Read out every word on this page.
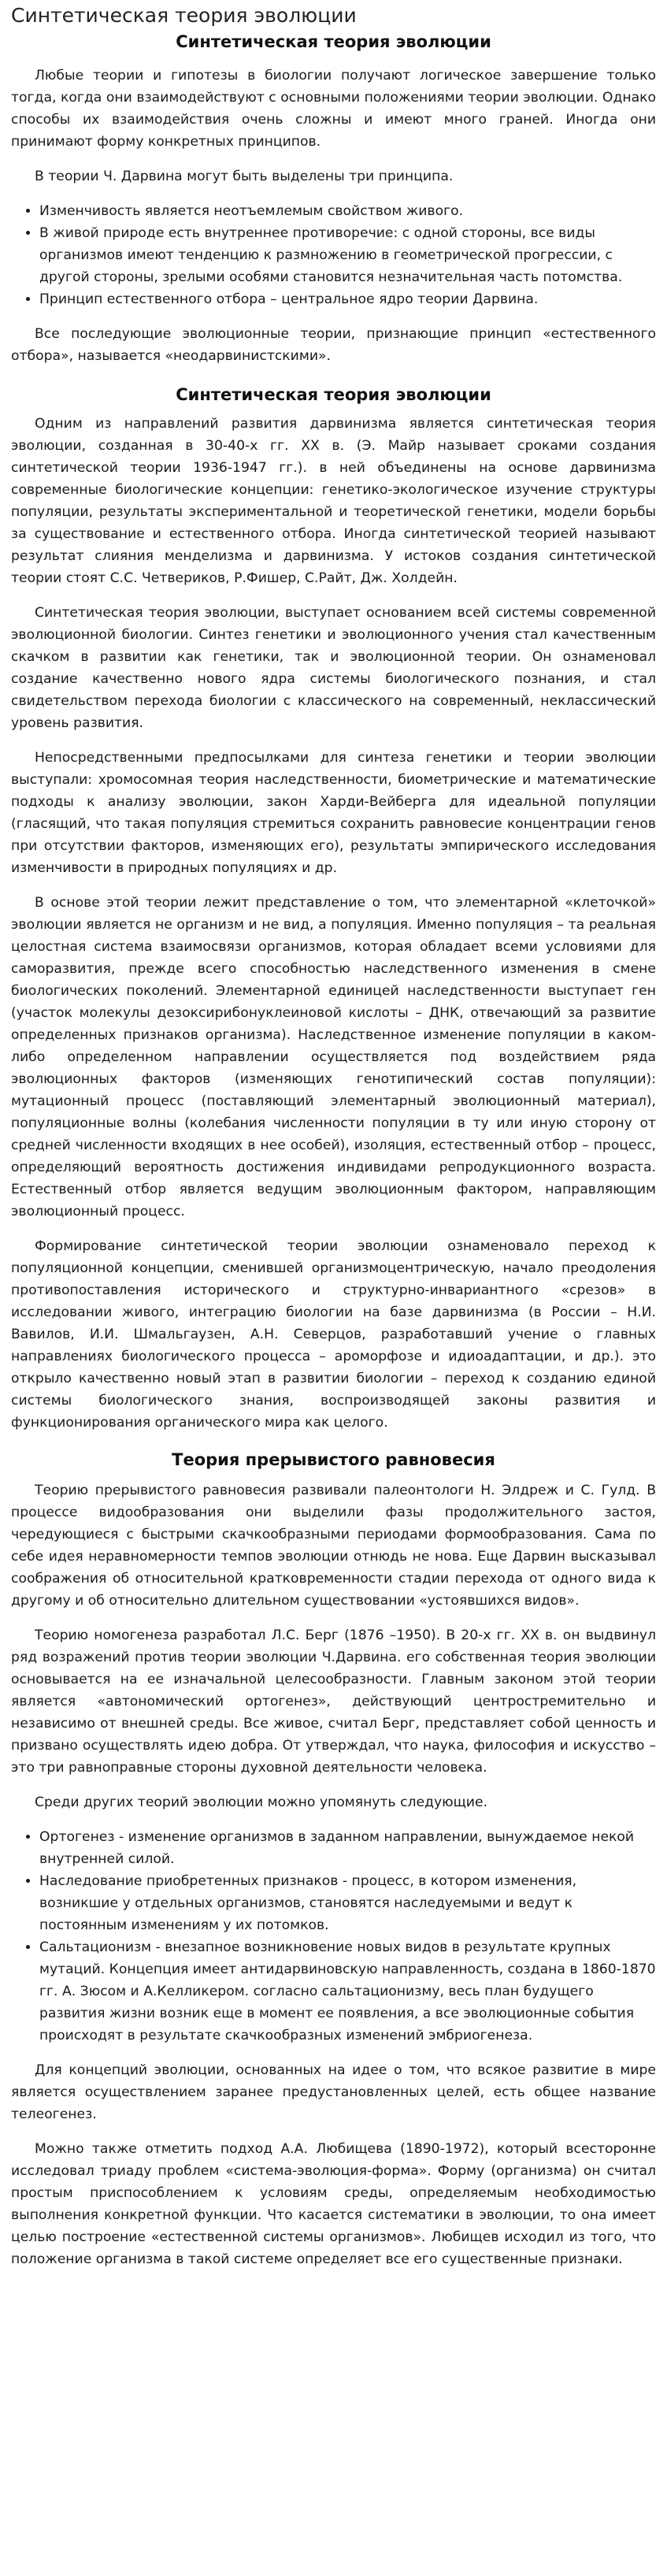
Синтетическая теория эволюции
Синтетическая теория эволюции

Любые теории и гипотезы в биологии получают логическое завершение только тогда, когда они взаимодействуют с основными положениями теории эволюции. Однако способы их взаимодействия очень сложны и имеют много граней. Иногда они принимают форму конкретных принципов.

В теории Ч. Дарвина могут быть выделены три принципа.

• Изменчивость является неотъемлемым свойством живого.
• В живой природе есть внутреннее противоречие: с одной стороны, все виды организмов имеют тенденцию к размножению в геометрической прогрессии, с другой стороны, зрелыми особями становится незначительная часть потомства.
• Принцип естественного отбора – центральное ядро теории Дарвина.

Все последующие эволюционные теории, признающие принцип «естественного отбора», называется «неодарвинистскими».

Синтетическая теория эволюции

Одним из направлений развития дарвинизма является синтетическая теория эволюции, созданная в 30-40-х гг. XX в. (Э. Майр называет сроками создания синтетической теории 1936-1947 гг.). в ней объединены на основе дарвинизма современные биологические концепции: генетико-экологическое изучение структуры популяции, результаты экспериментальной и теоретической генетики, модели борьбы за существование и естественного отбора. Иногда синтетической теорией называют результат слияния менделизма и дарвинизма. У истоков создания синтетической теории стоят С.С. Четвериков, Р.Фишер, С.Райт, Дж. Холдейн.

Синтетическая теория эволюции, выступает основанием всей системы современной эволюционной биологии. Синтез генетики и эволюционного учения стал качественным скачком в развитии как генетики, так и эволюционной теории. Он ознаменовал создание качественно нового ядра системы биологического познания, и стал свидетельством перехода биологии с классического на современный, неклассический уровень развития.

Непосредственными предпосылками для синтеза генетики и теории эволюции выступали: хромосомная теория наследственности, биометрические и математические подходы к анализу эволюции, закон Харди-Вейберга для идеальной популяции (гласящий, что такая популяция стремиться сохранить равновесие концентрации генов при отсутствии факторов, изменяющих его), результаты эмпирического исследования изменчивости в природных популяциях и др.

В основе этой теории лежит представление о том, что элементарной «клеточкой» эволюции является не организм и не вид, а популяция. Именно популяция – та реальная целостная система взаимосвязи организмов, которая обладает всеми условиями для саморазвития, прежде всего способностью наследственного изменения в смене биологических поколений. Элементарной единицей наследственности выступает ген (участок молекулы дезоксирибонуклеиновой кислоты – ДНК, отвечающий за развитие определенных признаков организма). Наследственное изменение популяции в каком-либо определенном направлении осуществляется под воздействием ряда эволюционных факторов (изменяющих генотипический состав популяции): мутационный процесс (поставляющий элементарный эволюционный материал), популяционные волны (колебания численности популяции в ту или иную сторону от средней численности входящих в нее особей), изоляция, естественный отбор – процесс, определяющий вероятность достижения индивидами репродукционного возраста. Естественный отбор является ведущим эволюционным фактором, направляющим эволюционный процесс.

Формирование синтетической теории эволюции ознаменовало переход к популяционной концепции, сменившей организмоцентрическую, начало преодоления противопоставления исторического и структурно-инвариантного «срезов» в исследовании живого, интеграцию биологии на базе дарвинизма (в России – Н.И. Вавилов, И.И. Шмальгаузен, А.Н. Северцов, разработавший учение о главных направлениях биологического процесса – ароморфозе и идиоадаптации, и др.). это открыло качественно новый этап в развитии биологии – переход к созданию единой системы биологического знания, воспроизводящей законы развития и функционирования органического мира как целого.

Теория прерывистого равновесия

Теорию прерывистого равновесия развивали палеонтологи Н. Элдреж и С. Гулд. В процессе видообразования они выделили фазы продолжительного застоя, чередующиеся с быстрыми скачкообразными периодами формообразования. Сама по себе идея неравномерности темпов эволюции отнюдь не нова. Еще Дарвин высказывал соображения об относительной кратковременности стадии перехода от одного вида к другому и об относительно длительном существовании «устоявшихся видов».

Теорию номогенеза разработал Л.С. Берг (1876 –1950). В 20-х гг. XX в. он выдвинул ряд возражений против теории эволюции Ч.Дарвина. его собственная теория эволюции основывается на ее изначальной целесообразности. Главным законом этой теории является «автономический ортогенез», действующий центростремительно и независимо от внешней среды. Все живое, считал Берг, представляет собой ценность и призвано осуществлять идею добра. От утверждал, что наука, философия и искусство – это три равноправные стороны духовной деятельности человека.

Среди других теорий эволюции можно упомянуть следующие.

• Ортогенез - изменение организмов в заданном направлении, вынуждаемое некой внутренней силой.
• Наследование приобретенных признаков - процесс, в котором изменения, возникшие у отдельных организмов, становятся наследуемыми и ведут к постоянным изменениям у их потомков.
• Сальтационизм - внезапное возникновение новых видов в результате крупных мутаций. Концепция имеет антидарвиновскую направленность, создана в 1860-1870 гг. А. Зюсом и А.Келликером. согласно сальтационизму, весь план будущего развития жизни возник еще в момент ее появления, а все эволюционные события происходят в результате скачкообразных изменений эмбриогенеза.

Для концепций эволюции, основанных на идее о том, что всякое развитие в мире является осуществлением заранее предустановленных целей, есть общее название телеогенез.

Можно также отметить подход А.А. Любищева (1890-1972), который всесторонне исследовал триаду проблем «система-эволюция-форма». Форму (организма) он считал простым приспособлением к условиям среды, определяемым необходимостью выполнения конкретной функции. Что касается систематики в эволюции, то она имеет целью построение «естественной системы организмов». Любищев исходил из того, что положение организма в такой системе определяет все его существенные признаки.
